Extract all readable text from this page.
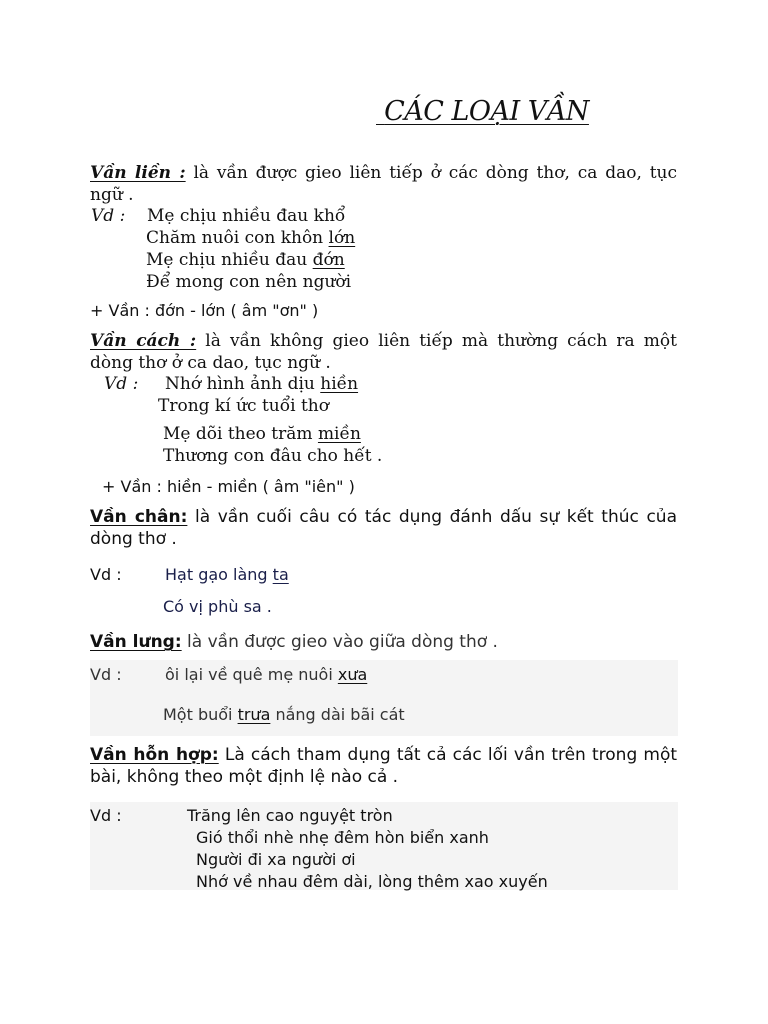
CÁC LOẠI VẦN
Vần liền : là vần được gieo liên tiếp ở các dòng thơ, ca dao, tục ngữ .
Vd : Mẹ chịu nhiều đau khổ
Chăm nuôi con khôn lớn
Mẹ chịu nhiều đau đớn
Để mong con nên người
+ Vần : đớn - lớn ( âm "ơn" )
Vần cách : là vần không gieo liên tiếp mà thường cách ra một dòng thơ ở ca dao, tục ngữ .
Vd : Nhớ hình ảnh dịu hiền
Trong kí ức tuổi thơ
Mẹ dõi theo trăm miền
Thương con đâu cho hết .
+ Vần : hiền - miền ( âm "iên" )
Vần chân: là vần cuối câu có tác dụng đánh dấu sự kết thúc của dòng thơ .
Vd :	Hạt gạo làng ta
Có vị phù sa .
Vần lưng: là vần được gieo vào giữa dòng thơ .
Vd :	ôi lại về quê mẹ nuôi xưa
Một buổi trưa nắng dài bãi cát
Vần hỗn hợp: Là cách tham dụng tất cả các lối vần trên trong một bài, không theo một định lệ nào cả .
Vd :	Trăng lên cao nguyệt tròn
Gió thổi nhè nhẹ đêm hòn biển xanh
Người đi xa người ơi
Nhớ về nhau đêm dài, lòng thêm xao xuyến
